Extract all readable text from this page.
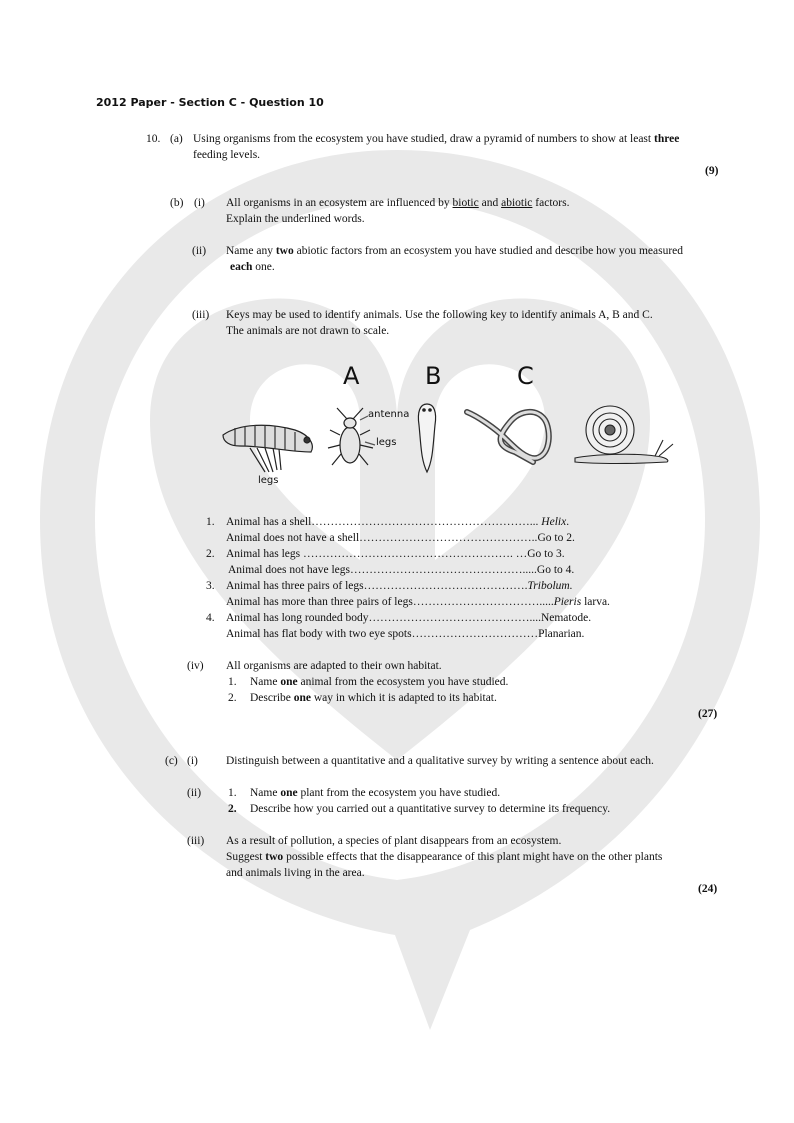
2012 Paper - Section C - Question 10
10. (a) Using organisms from the ecosystem you have studied, draw a pyramid of numbers to show at least three
feeding levels.
(9)
(b) (i) All organisms in an ecosystem are influenced by biotic and abiotic factors.
Explain the underlined words.
(ii) Name any two abiotic factors from an ecosystem you have studied and describe how you measured
each one.
(iii) Keys may be used to identify animals. Use the following key to identify animals A, B and C.
The animals are not drawn to scale.
A	B	C
antenna
legs
legs
1. Animal has a shell…………………………………………………... Helix.
Animal does not have a shell………………………………………..Go to 2.
2. Animal has legs ………………………………………………. …Go to 3.
Animal does not have legs……………………………………….....Go to 4.
3. Animal has three pairs of legs…………………………………….Tribolum.
Animal has more than three pairs of legs…………………………….....Pieris larva.
4. Animal has long rounded body……………………………………....Nematode.
Animal has flat body with two eye spots……………………………Planarian.
(iv) All organisms are adapted to their own habitat.
1. Name one animal from the ecosystem you have studied.
2. Describe one way in which it is adapted to its habitat.
(27)
(c) (i) Distinguish between a quantitative and a qualitative survey by writing a sentence about each.
(ii) 1. Name one plant from the ecosystem you have studied.
2. Describe how you carried out a quantitative survey to determine its frequency.
(iii) As a result of pollution, a species of plant disappears from an ecosystem.
Suggest two possible effects that the disappearance of this plant might have on the other plants
and animals living in the area.
(24)
